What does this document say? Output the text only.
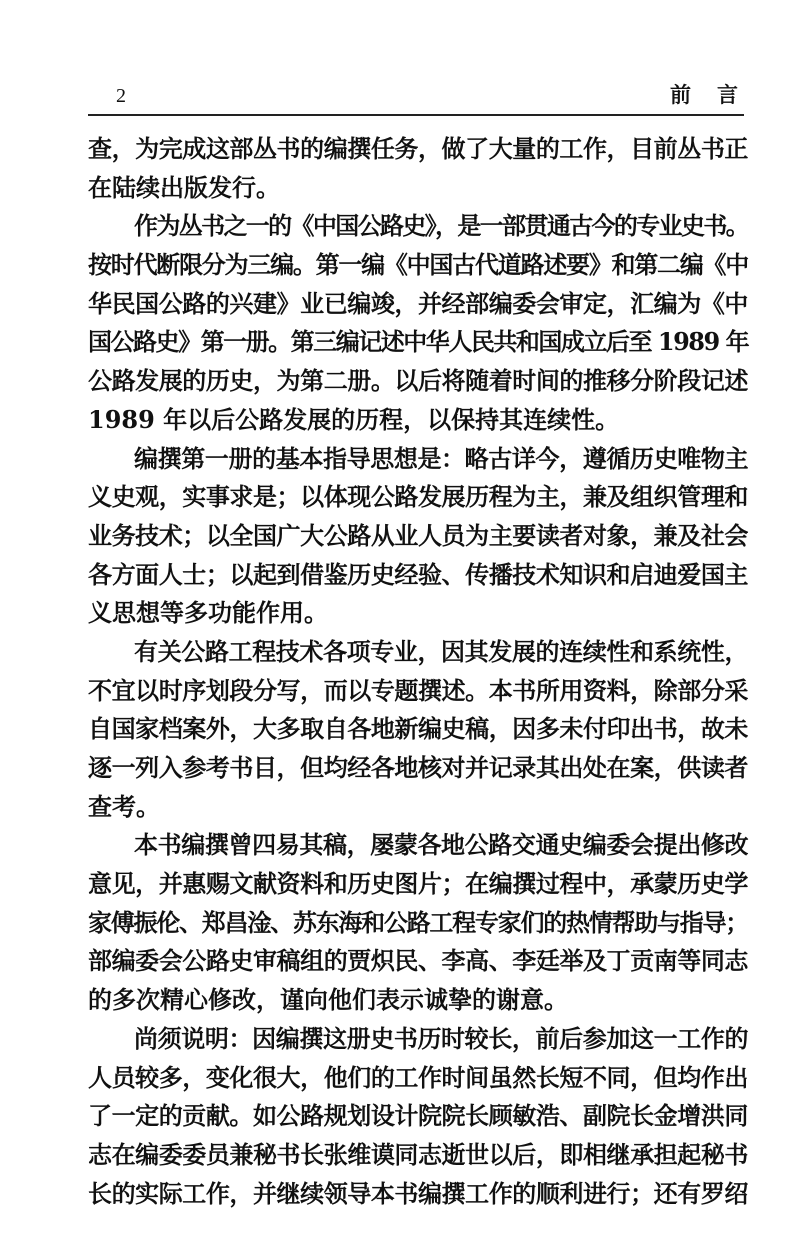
2	前言
查，为完成这部丛书的编撰任务，做了大量的工作，目前丛书正
在陆续出版发行。
作为丛书之一的《中国公路史》，是一部贯通古今的专业史书。
按时代断限分为三编。第一编《中国古代道路述要》和第二编《中
华民国公路的兴建》业已编竣，并经部编委会审定，汇编为《中
国公路史》第一册。第三编记述中华人民共和国成立后至 1989 年
公路发展的历史，为第二册。以后将随着时间的推移分阶段记述
1989 年以后公路发展的历程，以保持其连续性。
编撰第一册的基本指导思想是：略古详今，遵循历史唯物主
义史观，实事求是；以体现公路发展历程为主，兼及组织管理和
业务技术；以全国广大公路从业人员为主要读者对象，兼及社会
各方面人士；以起到借鉴历史经验、传播技术知识和启迪爱国主
义思想等多功能作用。
有关公路工程技术各项专业，因其发展的连续性和系统性，
不宜以时序划段分写，而以专题撰述。本书所用资料，除部分采
自国家档案外，大多取自各地新编史稿，因多未付印出书，故未
逐一列入参考书目，但均经各地核对并记录其出处在案，供读者
查考。
本书编撰曾四易其稿，屡蒙各地公路交通史编委会提出修改
意见，并惠赐文献资料和历史图片；在编撰过程中，承蒙历史学
家傅振伦、郑昌淦、苏东海和公路工程专家们的热情帮助与指导；
部编委会公路史审稿组的贾炽民、李高、李廷举及丁贡南等同志
的多次精心修改，谨向他们表示诚挚的谢意。
尚须说明：因编撰这册史书历时较长，前后参加这一工作的
人员较多，变化很大，他们的工作时间虽然长短不同，但均作出
了一定的贡献。如公路规划设计院院长顾敏浩、副院长金增洪同
志在编委委员兼秘书长张维谟同志逝世以后，即相继承担起秘书
长的实际工作，并继续领导本书编撰工作的顺利进行；还有罗绍
